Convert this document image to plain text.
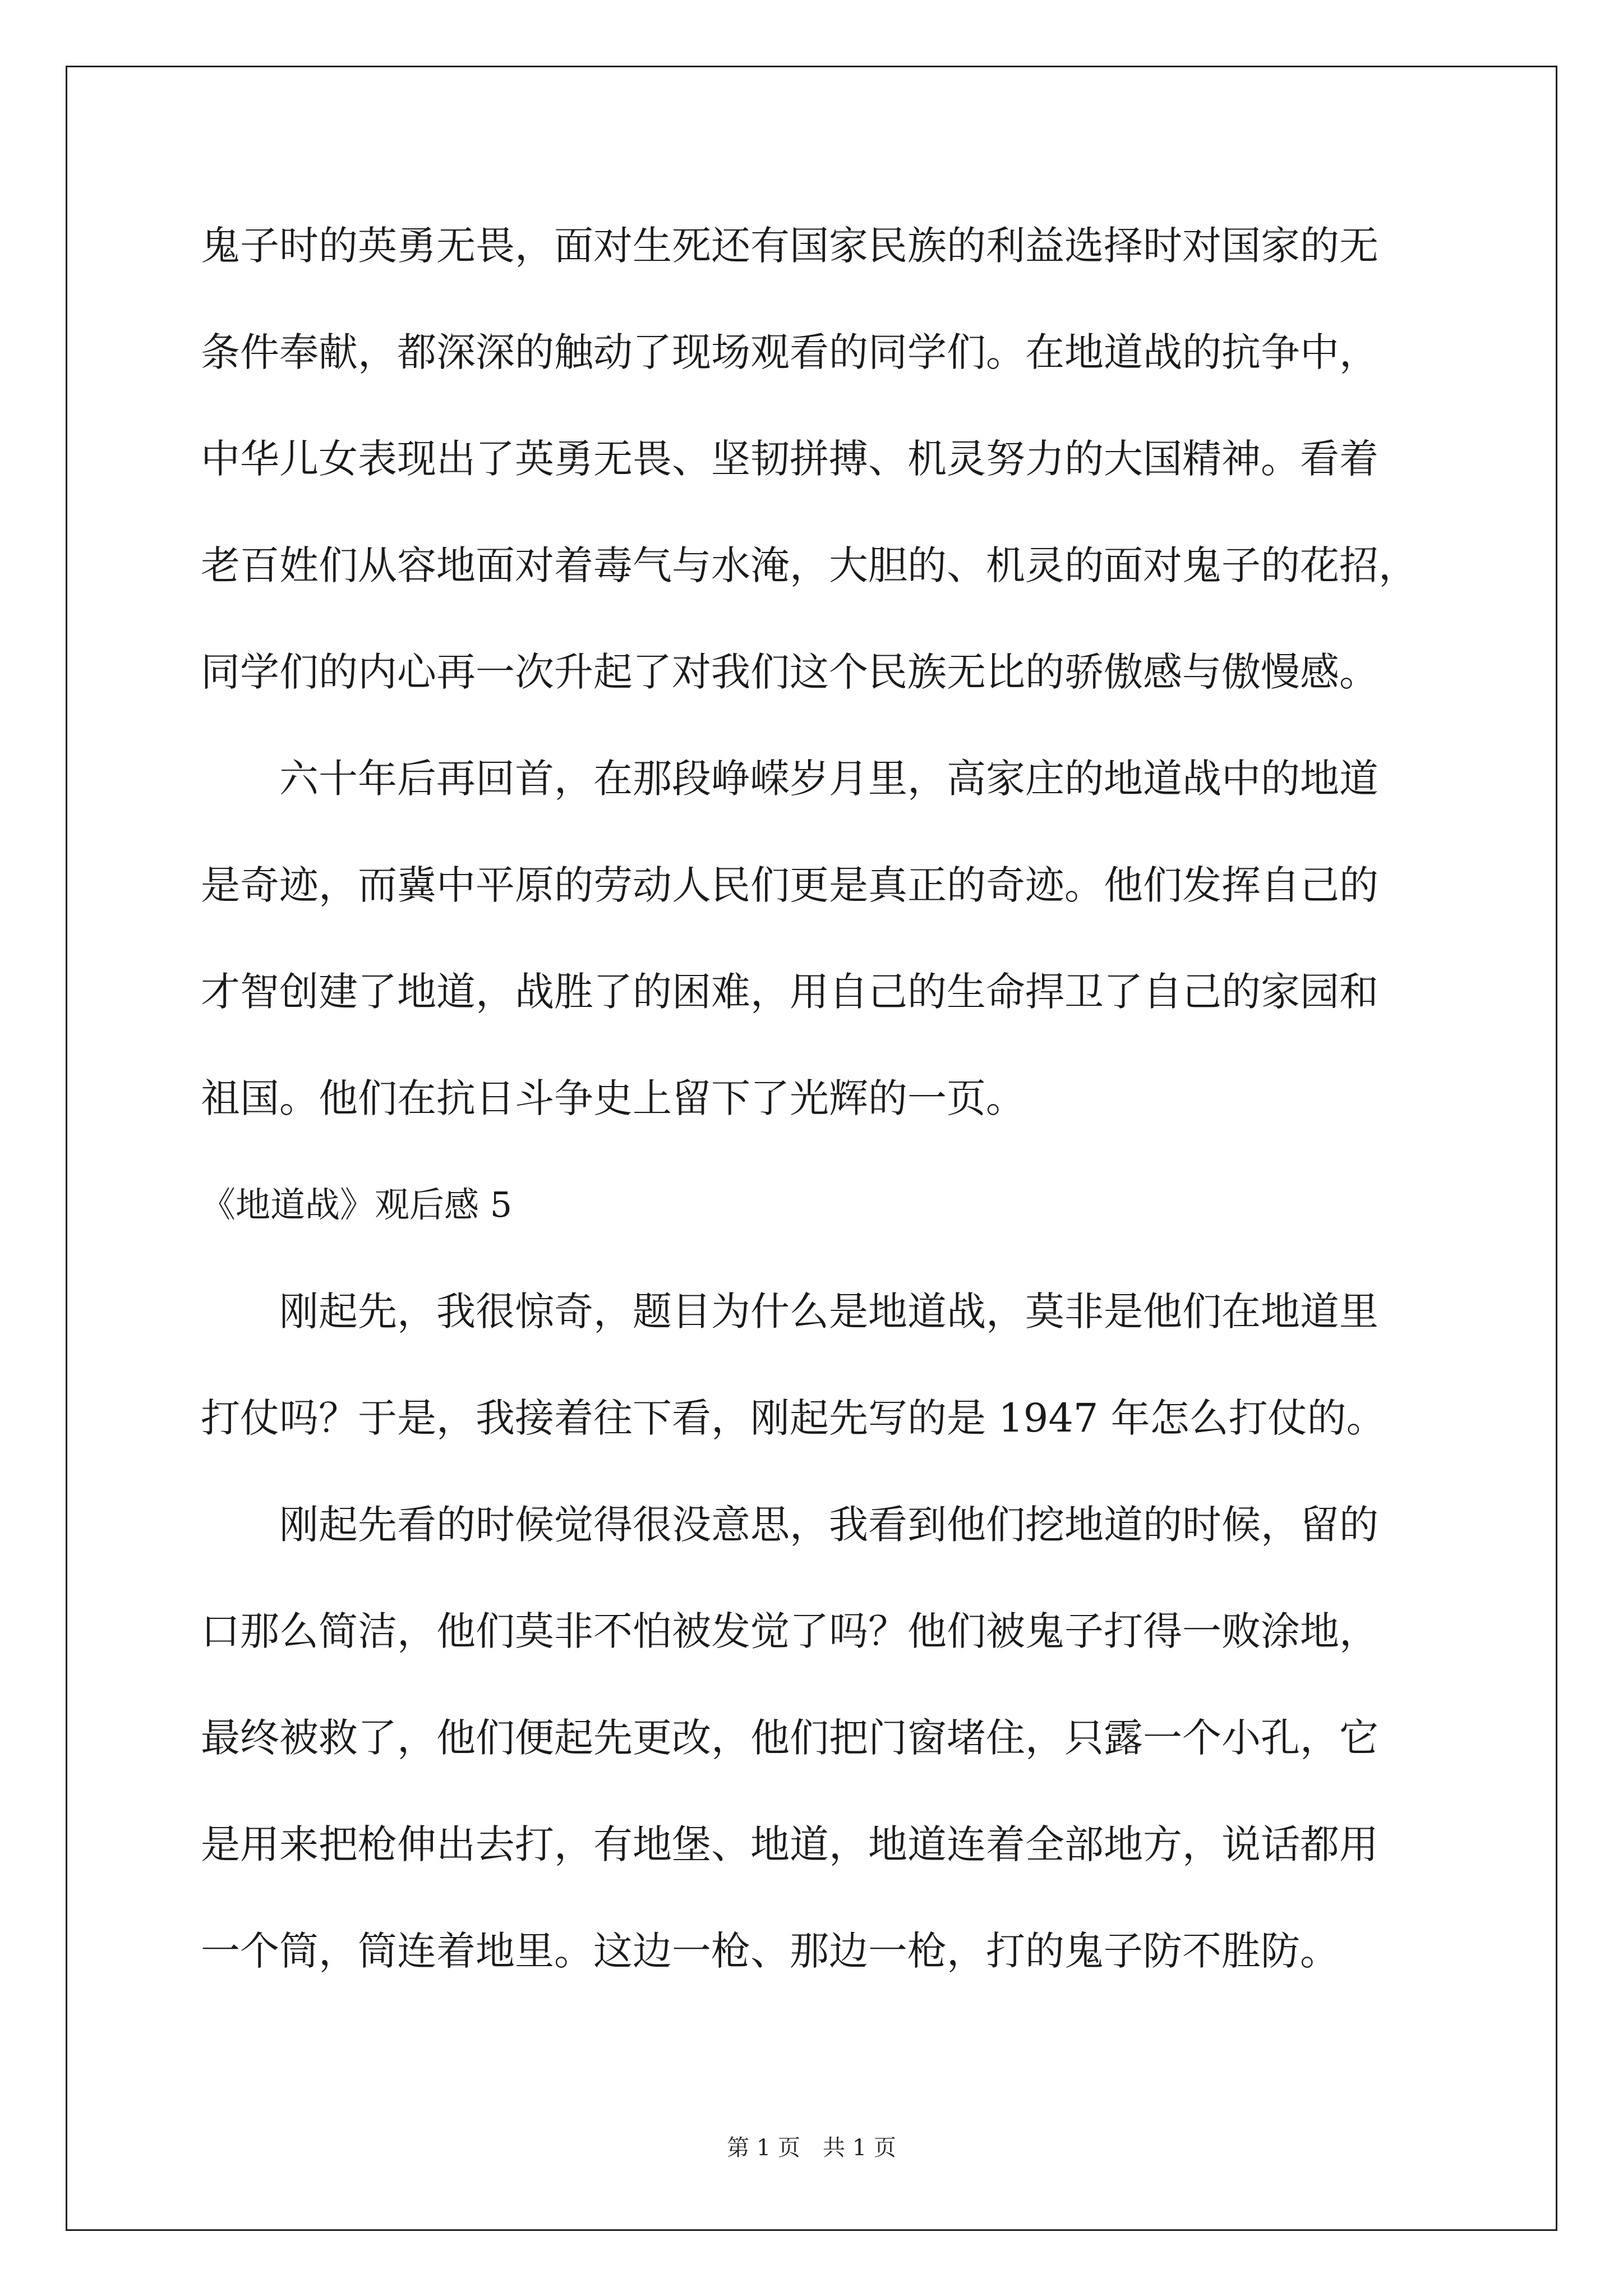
鬼子时的英勇无畏，面对生死还有国家民族的利益选择时对国家的无
条件奉献，都深深的触动了现场观看的同学们。在地道战的抗争中，
中华儿女表现出了英勇无畏、坚韧拼搏、机灵努力的大国精神。看着
老百姓们从容地面对着毒气与水淹，大胆的、机灵的面对鬼子的花招，
同学们的内心再一次升起了对我们这个民族无比的骄傲感与傲慢感。
六十年后再回首，在那段峥嵘岁月里，高家庄的地道战中的地道
是奇迹，而冀中平原的劳动人民们更是真正的奇迹。他们发挥自己的
才智创建了地道，战胜了的困难，用自己的生命捍卫了自己的家园和
祖国。他们在抗日斗争史上留下了光辉的一页。
《地道战》观后感 5
刚起先，我很惊奇，题目为什么是地道战，莫非是他们在地道里
打仗吗？于是，我接着往下看，刚起先写的是 1947 年怎么打仗的。
刚起先看的时候觉得很没意思，我看到他们挖地道的时候，留的
口那么简洁，他们莫非不怕被发觉了吗？他们被鬼子打得一败涂地，
最终被救了，他们便起先更改，他们把门窗堵住，只露一个小孔，它
是用来把枪伸出去打，有地堡、地道，地道连着全部地方，说话都用
一个筒，筒连着地里。这边一枪、那边一枪，打的鬼子防不胜防。
第 1 页　共 1 页
